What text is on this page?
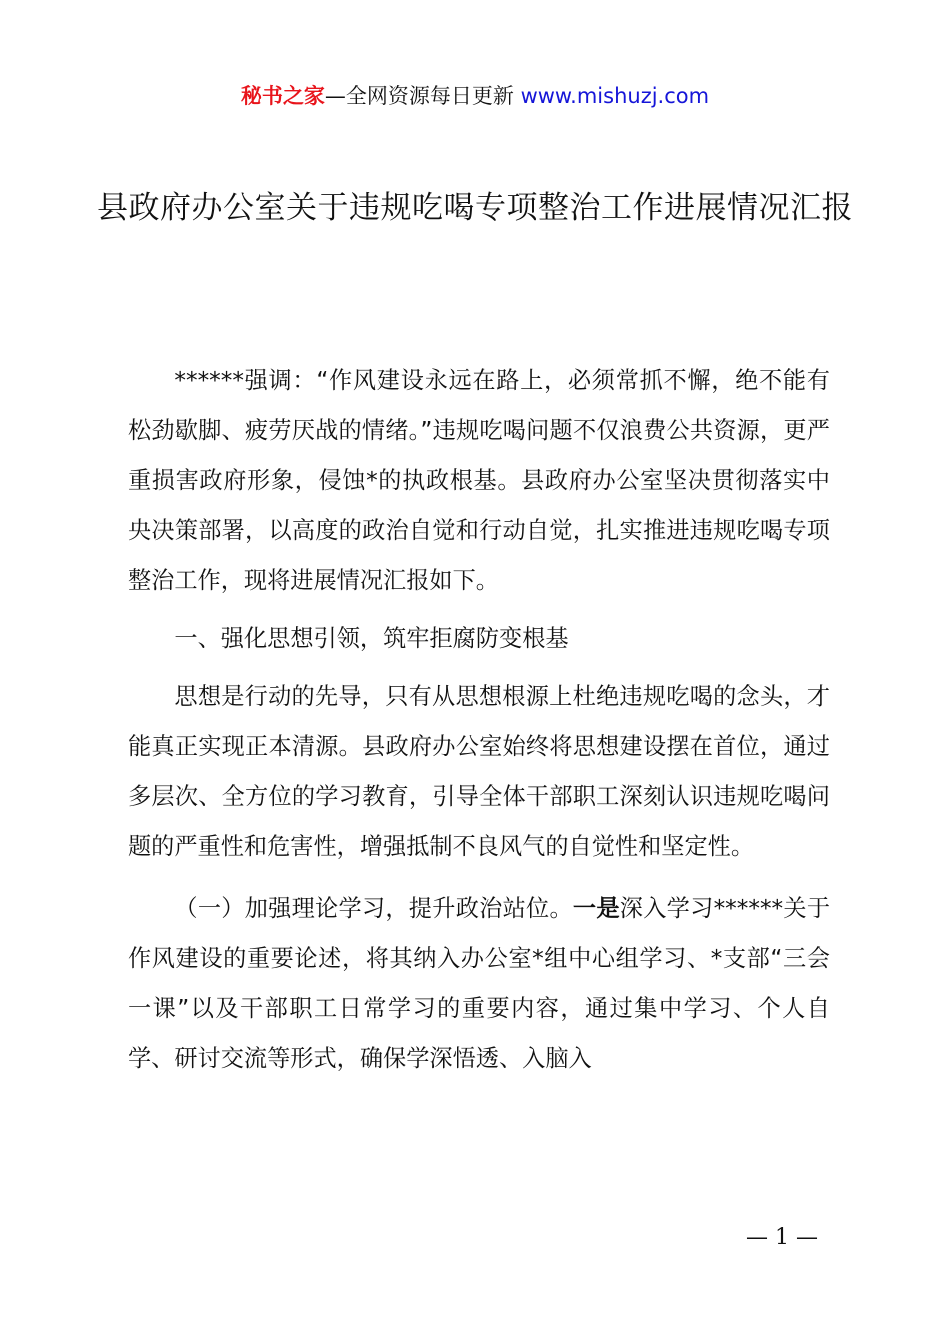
秘书之家—全网资源每日更新 www.mishuzj.com
县政府办公室关于违规吃喝专项整治工作进展情况汇报

******强调：“作风建设永远在路上，必须常抓不懈，绝不能有松劲歇脚、疲劳厌战的情绪。”违规吃喝问题不仅浪费公共资源，更严重损害政府形象，侵蚀*的执政根基。县政府办公室坚决贯彻落实中央决策部署，以高度的政治自觉和行动自觉，扎实推进违规吃喝专项整治工作，现将进展情况汇报如下。

一、强化思想引领，筑牢拒腐防变根基

思想是行动的先导，只有从思想根源上杜绝违规吃喝的念头，才能真正实现正本清源。县政府办公室始终将思想建设摆在首位，通过多层次、全方位的学习教育，引导全体干部职工深刻认识违规吃喝问题的严重性和危害性，增强抵制不良风气的自觉性和坚定性。

（一）加强理论学习，提升政治站位。一是深入学习******关于作风建设的重要论述，将其纳入办公室*组中心组学习、*支部“三会一课”以及干部职工日常学习的重要内容，通过集中学习、个人自学、研讨交流等形式，确保学深悟透、入脑入

— 1 —
